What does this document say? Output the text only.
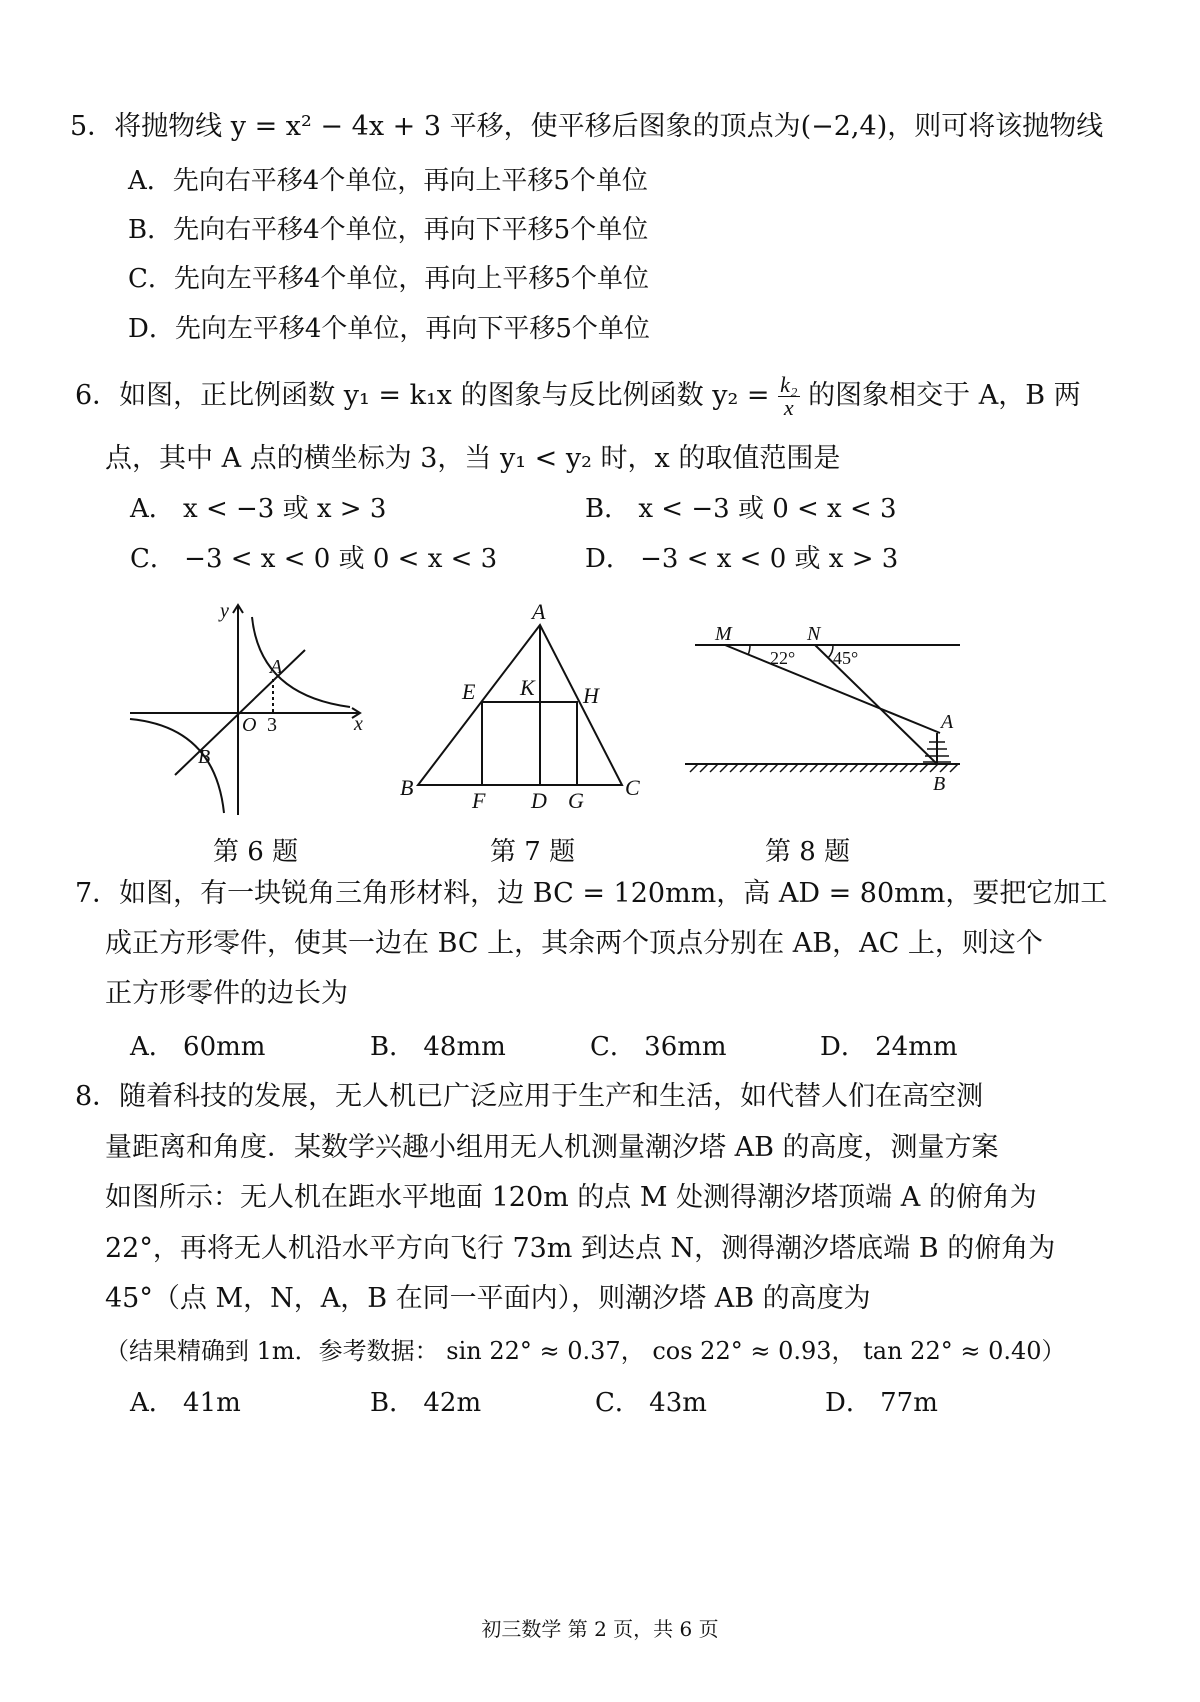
5．将抛物线 y = x² − 4x + 3 平移，使平移后图象的顶点为(−2,4)，则可将该抛物线
A．先向右平移4个单位，再向上平移5个单位
B．先向右平移4个单位，再向下平移5个单位
C．先向左平移4个单位，再向上平移5个单位
D．先向左平移4个单位，再向下平移5个单位
6．如图，正比例函数 y₁ = k₁x 的图象与反比例函数 $y_2 = \frac{\text{k₂}}{x}$ 的图象相交于 A，B 两
点，其中 A 点的横坐标为 3，当 y₁ < y₂ 时，x 的取值范围是
A． x < −3 或 x > 3	B． x < −3 或 0 < x < 3
C． −3 < x < 0 或 0 < x < 3	D． −3 < x < 0 或 x > 3
y
x
O 3
A
B
A
E K H
B
F D G
C
M	N
22° 45°
A
B
第 6 题	第 7 题	第 8 题
7．如图，有一块锐角三角形材料，边 BC = 120mm，高 AD = 80mm，要把它加工
成正方形零件，使其一边在 BC 上，其余两个顶点分别在 AB，AC 上，则这个
正方形零件的边长为
A． 60mm	B． 48mm	C． 36mm	D． 24mm
8．随着科技的发展，无人机已广泛应用于生产和生活，如代替人们在高空测
量距离和角度．某数学兴趣小组用无人机测量潮汐塔 AB 的高度，测量方案
如图所示：无人机在距水平地面 120m 的点 M 处测得潮汐塔顶端 A 的俯角为
22°，再将无人机沿水平方向飞行 73m 到达点 N，测得潮汐塔底端 B 的俯角为
45°（点 M，N，A，B 在同一平面内），则潮汐塔 AB 的高度为
（结果精确到 1m．参考数据： sin 22° ≈ 0.37， cos 22° ≈ 0.93， tan 22° ≈ 0.40）
A． 41m	B． 42m	C． 43m	D． 77m
初三数学 第 2 页，共 6 页
